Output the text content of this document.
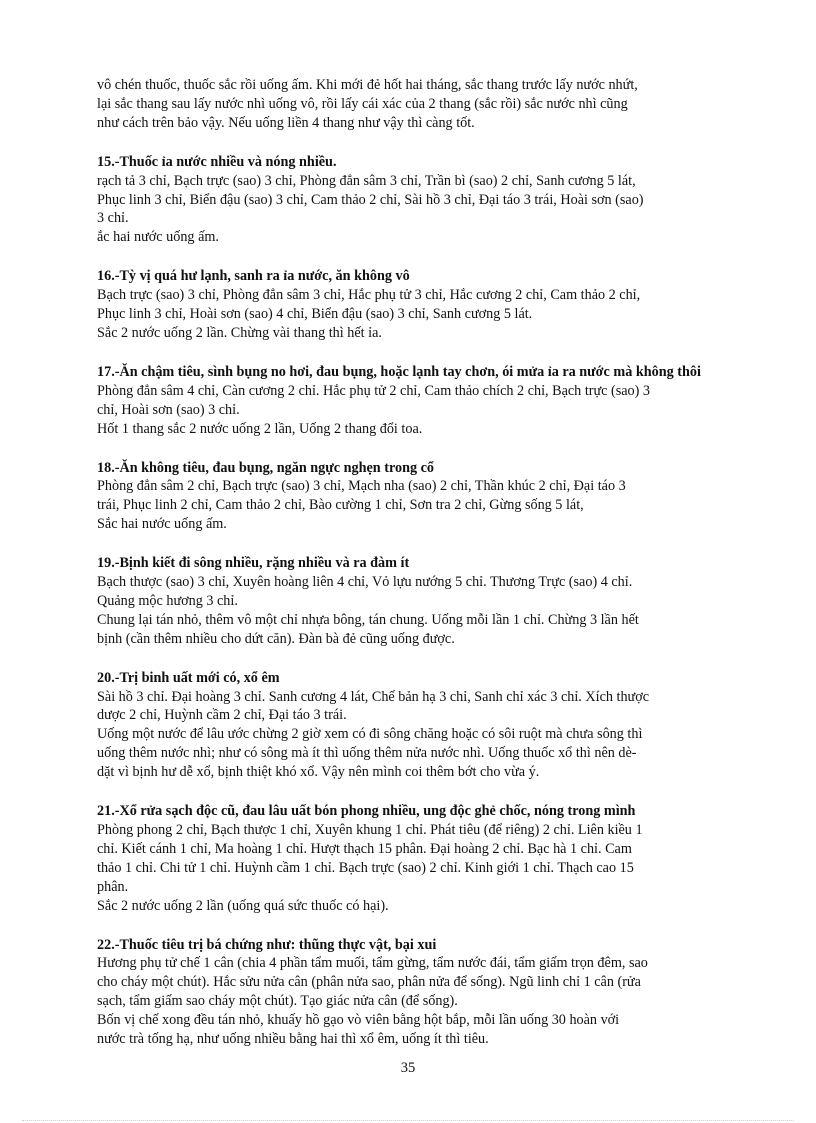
vô chén thuốc, thuốc sắc rồi uống ấm. Khi mới đẻ hốt hai tháng, sắc thang trước lấy nước nhứt,

lại sắc thang sau lấy nước nhì uống vô, rồi lấy cái xác của 2 thang (sắc rồi) sắc nước nhì cũng

như cách trên bảo vậy. Nếu uống liền 4 thang như vậy thì càng tốt.

15.-Thuốc ỉa nước nhiều và nóng nhiều.

rạch tả 3 chỉ, Bạch trực (sao) 3 chỉ, Phòng đẳn sâm 3 chỉ, Trần bì (sao) 2 chỉ, Sanh cương 5 lát,

Phục linh 3 chỉ, Biển đậu (sao) 3 chỉ, Cam thảo 2 chỉ, Sài hồ 3 chỉ, Đại táo 3 trái, Hoài sơn (sao)

3 chỉ.

ắc hai nước uống ấm.

16.-Tỳ vị quá hư lạnh, sanh ra ỉa nước, ăn không vô

Bạch trực (sao) 3 chỉ, Phòng đẳn sâm 3 chỉ, Hắc phụ tử 3 chỉ, Hắc cương 2 chỉ, Cam thảo 2 chỉ,

Phục linh 3 chỉ, Hoài sơn (sao) 4 chỉ, Biển đậu (sao) 3 chỉ, Sanh cương 5 lát.

Sắc 2 nước uống 2 lần. Chừng vài thang thì hết ỉa.

17.-Ăn chậm tiêu, sình bụng no hơi, đau bụng, hoặc lạnh tay chơn, ói mửa ỉa ra nước mà không thôi

Phòng đẳn sâm 4 chỉ, Càn cương 2 chỉ. Hắc phụ tử 2 chỉ, Cam thảo chích 2 chỉ, Bạch trực (sao) 3

chỉ, Hoài sơn (sao) 3 chỉ.

Hốt 1 thang sắc 2 nước uống 2 lần, Uống 2 thang đổi toa.

18.-Ăn không tiêu, đau bụng, ngăn ngực nghẹn trong cổ

Phòng đẳn sâm 2 chỉ, Bạch trực (sao) 3 chỉ, Mạch nha (sao) 2 chỉ, Thần khúc 2 chỉ, Đại táo 3

trái, Phục linh 2 chỉ, Cam thảo 2 chỉ, Bào cường 1 chỉ, Sơn tra 2 chỉ, Gừng sống 5 lát,

Sắc hai nước uống ấm.

19.-Bịnh kiết đi sông nhiều, rặng nhiều và ra đàm ít

Bạch thược (sao) 3 chỉ, Xuyên hoàng liên 4 chỉ, Vỏ lựu nướng 5 chỉ. Thương Trực (sao) 4 chỉ.

Quảng mộc hương 3 chỉ.

Chung lại tán nhỏ, thêm vô một chỉ nhựa bông, tán chung. Uống mỗi lần 1 chỉ. Chừng 3 lần hết

bịnh (cần thêm nhiều cho dứt căn). Đàn bà đẻ cũng uống được.

20.-Trị binh uất mới có, xổ êm

Sài hồ 3 chỉ. Đại hoàng 3 chỉ. Sanh cương 4 lát, Chế bản hạ 3 chỉ, Sanh chỉ xác 3 chỉ. Xích thược

dược 2 chỉ, Huỳnh cầm 2 chỉ, Đại táo 3 trái.

Uống một nước để lâu ước chừng 2 giờ xem có đi sông chăng hoặc có sôi ruột mà chưa sông thì

uống thêm nước nhì; như có sông mà ít thì uống thêm nửa nước nhì. Uống thuốc xổ thì nên dè-

dặt vì bịnh hư dễ xổ, bịnh thiệt khó xổ. Vậy nên mình coi thêm bớt cho vừa ý.

21.-Xổ rửa sạch độc cũ, đau lâu uất bón phong nhiều, ung độc ghẻ chốc, nóng trong mình

Phòng phong 2 chỉ, Bạch thược 1 chỉ, Xuyên khung 1 chỉ. Phát tiêu (để riêng) 2 chỉ. Liên kiều 1

chỉ. Kiết cánh 1 chỉ, Ma hoàng 1 chỉ. Hượt thạch 15 phân. Đại hoàng 2 chỉ. Bạc hà 1 chỉ. Cam

thảo 1 chỉ. Chi tử 1 chỉ. Huỳnh cầm 1 chỉ. Bạch trực (sao) 2 chỉ. Kinh giới 1 chỉ. Thạch cao 15

phân.

Sắc 2 nước uống 2 lần (uống quá sức thuốc có hại).

22.-Thuốc tiêu trị bá chứng như: thũng thực vật, bại xui

Hương phụ tử chế 1 cân (chia 4 phần tẩm muối, tẩm gừng, tẩm nước đái, tẩm giấm trọn đêm, sao

cho cháy một chút). Hắc sửu nửa cân (phân nửa sao, phân nửa để sống). Ngũ linh chỉ 1 cân (rửa

sạch, tẩm giấm sao cháy một chút). Tạo giác nửa cân (để sống).

Bốn vị chế xong đều tán nhỏ, khuấy hồ gạo vò viên bằng hột bắp, mỗi lần uống 30 hoàn với

nước trà tống hạ, như uống nhiều bằng hai thì xổ êm, uống ít thì tiêu.

35
